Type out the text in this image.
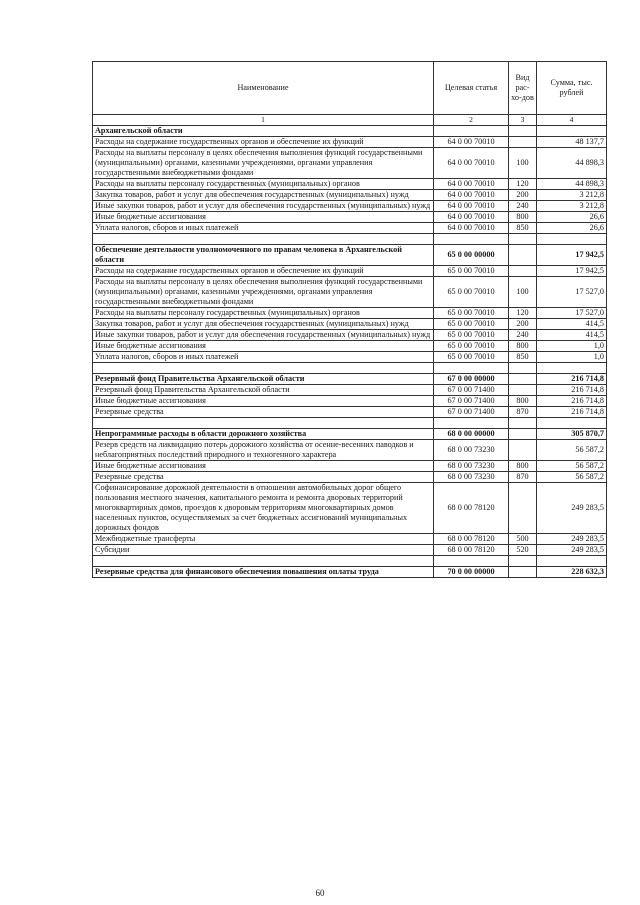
Наименование	Целевая статья	Вид рас-хо-дов	Сумма, тыс. рублей
1	2	3	4
Архангельской области			
Расходы на содержание государственных органов и обеспечение их функций	64 0 00 70010		48 137,7
Расходы на выплаты персоналу в целях обеспечения выполнения функций государственными (муниципальными) органами, казенными учреждениями, органами управления государственными внебюджетными фондами	64 0 00 70010	100	44 898,3
Расходы на выплаты персоналу государственных (муниципальных) органов	64 0 00 70010	120	44 898,3
Закупка товаров, работ и услуг для обеспечения государственных (муниципальных) нужд	64 0 00 70010	200	3 212,8
Иные закупки товаров, работ и услуг для обеспечения государственных (муниципальных) нужд	64 0 00 70010	240	3 212,8
Иные бюджетные ассигнования	64 0 00 70010	800	26,6
Уплата налогов, сборов и иных платежей	64 0 00 70010	850	26,6

Обеспечение деятельности уполномоченного по правам человека в Архангельской области	65 0 00 00000		17 942,5
Расходы на содержание государственных органов и обеспечение их функций	65 0 00 70010		17 942,5
Расходы на выплаты персоналу в целях обеспечения выполнения функций государственными (муниципальными) органами, казенными учреждениями, органами управления государственными внебюджетными фондами	65 0 00 70010	100	17 527,0
Расходы на выплаты персоналу государственных (муниципальных) органов	65 0 00 70010	120	17 527,0
Закупка товаров, работ и услуг для обеспечения государственных (муниципальных) нужд	65 0 00 70010	200	414,5
Иные закупки товаров, работ и услуг для обеспечения государственных (муниципальных) нужд	65 0 00 70010	240	414,5
Иные бюджетные ассигнования	65 0 00 70010	800	1,0
Уплата налогов, сборов и иных платежей	65 0 00 70010	850	1,0

Резервный фонд Правительства Архангельской области	67 0 00 00000		216 714,8
Резервный фонд Правительства Архангельской области	67 0 00 71400		216 714,8
Иные бюджетные ассигнования	67 0 00 71400	800	216 714,8
Резервные средства	67 0 00 71400	870	216 714,8

Непрограммные расходы в области дорожного хозяйства	68 0 00 00000		305 870,7
Резерв средств на ликвидацию потерь дорожного хозяйства от осенне-весенних паводков и неблагоприятных последствий природного и техногенного характера	68 0 00 73230		56 587,2
Иные бюджетные ассигнования	68 0 00 73230	800	56 587,2
Резервные средства	68 0 00 73230	870	56 587,2
Софинансирование дорожной деятельности в отношении автомобильных дорог общего пользования местного значения, капитального ремонта и ремонта дворовых территорий многоквартирных домов, проездов к дворовым территориям многоквартирных домов населенных пунктов, осуществляемых за счет бюджетных ассигнований муниципальных дорожных фондов	68 0 00 78120		249 283,5
Межбюджетные трансферты	68 0 00 78120	500	249 283,5
Субсидии	68 0 00 78120	520	249 283,5

Резервные средства для финансового обеспечения повышения оплаты труда	70 0 00 00000		228 632,3
60
